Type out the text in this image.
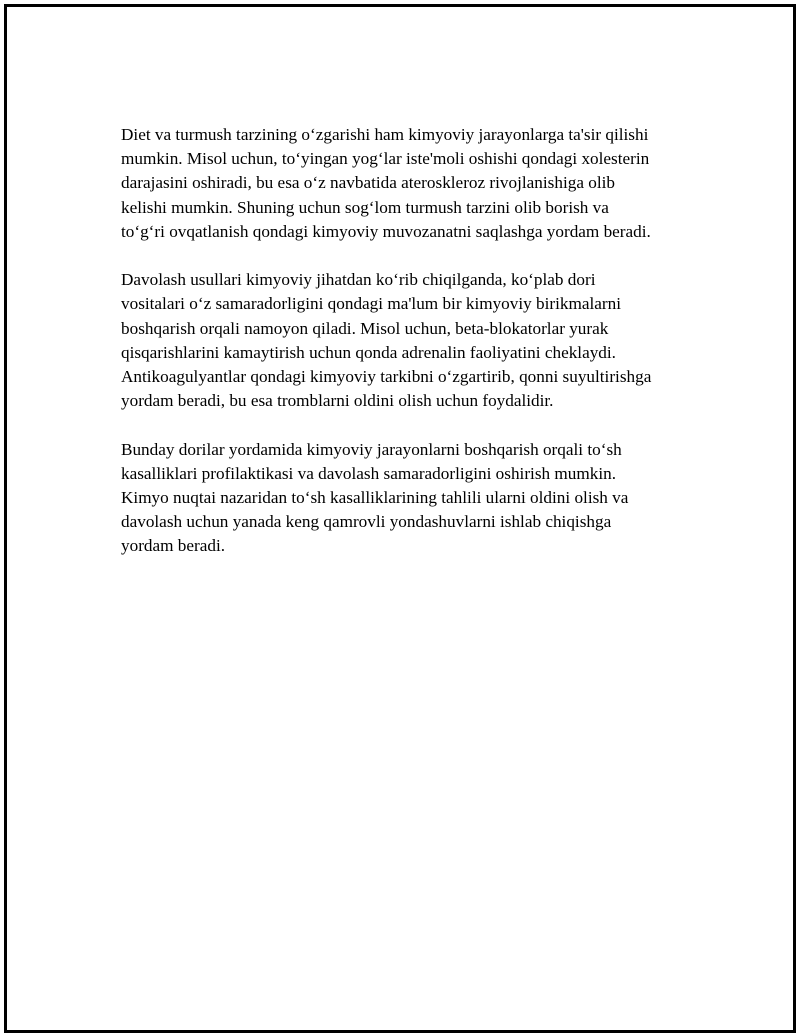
Diet va turmush tarzining o‘zgarishi ham kimyoviy jarayonlarga ta'sir qilishi
mumkin. Misol uchun, to‘yingan yog‘lar iste'moli oshishi qondagi xolesterin
darajasini oshiradi, bu esa o‘z navbatida ateroskleroz rivojlanishiga olib
kelishi mumkin. Shuning uchun sog‘lom turmush tarzini olib borish va
to‘g‘ri ovqatlanish qondagi kimyoviy muvozanatni saqlashga yordam beradi.

Davolash usullari kimyoviy jihatdan ko‘rib chiqilganda, ko‘plab dori
vositalari o‘z samaradorligini qondagi ma'lum bir kimyoviy birikmalarni
boshqarish orqali namoyon qiladi. Misol uchun, beta-blokatorlar yurak
qisqarishlarini kamaytirish uchun qonda adrenalin faoliyatini cheklaydi.
Antikoagulyantlar qondagi kimyoviy tarkibni o‘zgartirib, qonni suyultirishga
yordam beradi, bu esa tromblarni oldini olish uchun foydalidir.

Bunday dorilar yordamida kimyoviy jarayonlarni boshqarish orqali to‘sh
kasalliklari profilaktikasi va davolash samaradorligini oshirish mumkin.
Kimyo nuqtai nazaridan to‘sh kasalliklarining tahlili ularni oldini olish va
davolash uchun yanada keng qamrovli yondashuvlarni ishlab chiqishga
yordam beradi.
